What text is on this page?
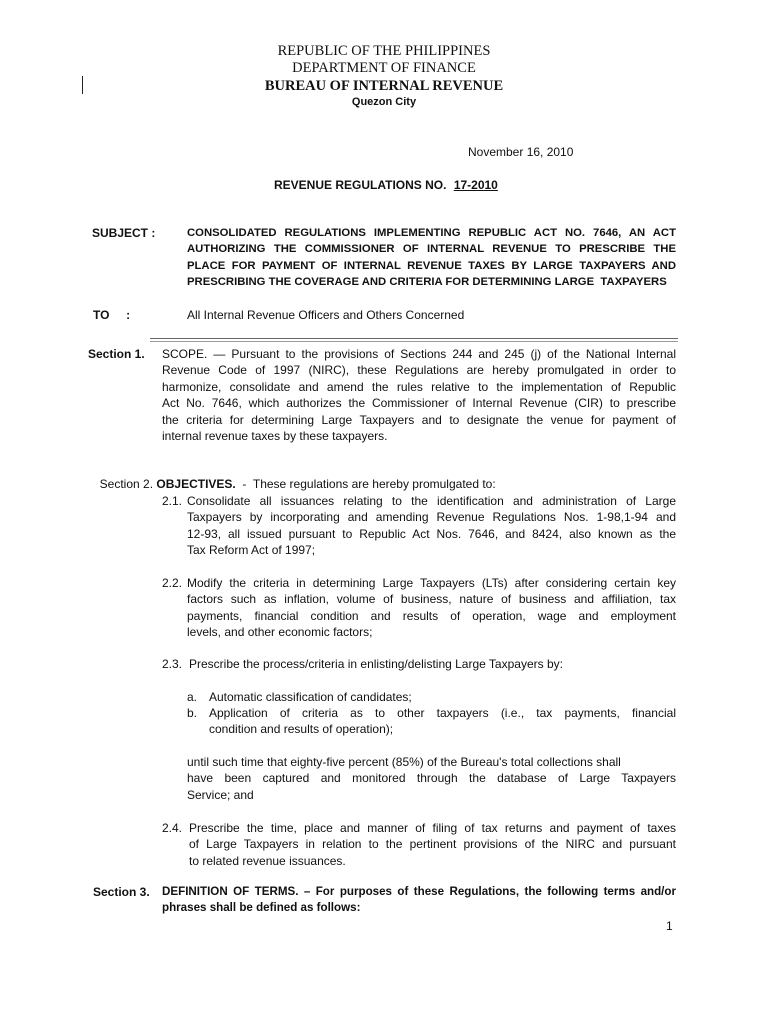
REPUBLIC OF THE PHILIPPINES
DEPARTMENT OF FINANCE
BUREAU OF INTERNAL REVENUE
Quezon City
November 16, 2010
REVENUE REGULATIONS NO. 17-2010
SUBJECT :	CONSOLIDATED REGULATIONS IMPLEMENTING REPUBLIC ACT NO. 7646, AN ACT
AUTHORIZING THE COMMISSIONER OF INTERNAL REVENUE TO PRESCRIBE THE
PLACE FOR PAYMENT OF INTERNAL REVENUE TAXES BY LARGE TAXPAYERS AND
PRESCRIBING THE COVERAGE AND CRITERIA FOR DETERMINING LARGE  TAXPAYERS
TO     :	All Internal Revenue Officers and Others Concerned
Section 1. SCOPE. — Pursuant to the provisions of Sections 244 and 245 (j) of the National Internal
Revenue Code of 1997 (NIRC), these Regulations are hereby promulgated in order to
harmonize, consolidate and amend the rules relative to the implementation of Republic
Act No. 7646, which authorizes the Commissioner of Internal Revenue (CIR) to prescribe
the criteria for determining Large Taxpayers and to designate the venue for payment of
internal revenue taxes by these taxpayers.

Section 2. OBJECTIVES. -  These regulations are hereby promulgated to:

2.1. Consolidate all issuances relating to the identification and administration of Large
Taxpayers by incorporating and amending Revenue Regulations Nos. 1-98,1-94 and
12-93, all issued pursuant to Republic Act Nos. 7646, and 8424, also known as the
Tax Reform Act of 1997;
2.2. Modify the criteria in determining Large Taxpayers (LTs) after considering certain key
factors such as inflation, volume of business, nature of business and affiliation, tax
payments, financial condition and results of operation, wage and employment
levels, and other economic factors;
2.3. Prescribe the process/criteria in enlisting/delisting Large Taxpayers by:
a. Automatic classification of candidates;
b. Application of criteria as to other taxpayers (i.e., tax payments, financial
condition and results of operation);
until such time that eighty-five percent (85%) of the Bureau's total collections shall
have been captured and monitored through the database of Large Taxpayers
Service; and
2.4. Prescribe the time, place and manner of filing of tax returns and payment of taxes
of Large Taxpayers in relation to the pertinent provisions of the NIRC and pursuant
to related revenue issuances.
Section 3. DEFINITION OF TERMS. – For purposes of these Regulations, the following terms and/or
phrases shall be defined as follows:
1
